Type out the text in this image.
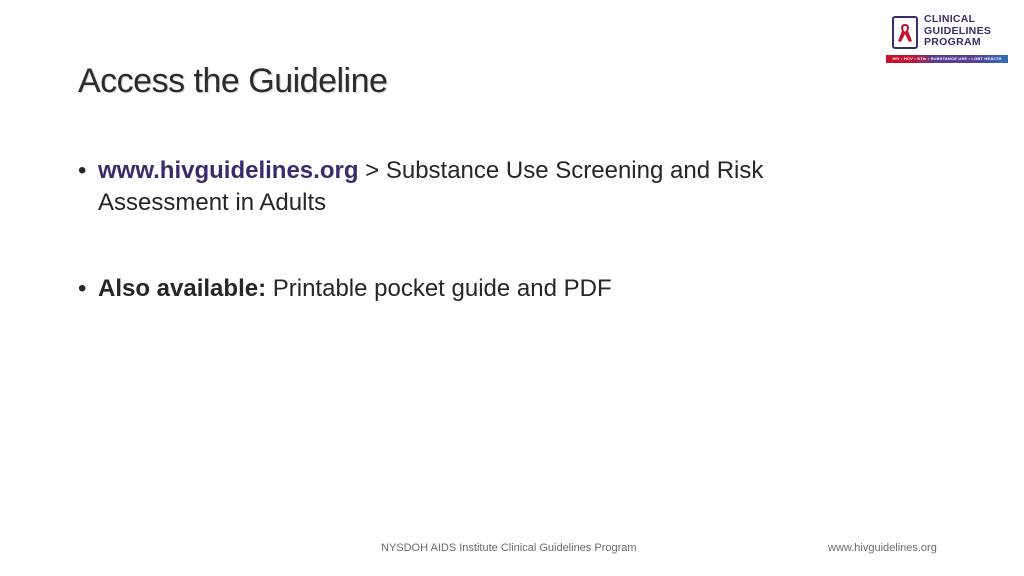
CLINICAL
GUIDELINES
PROGRAM
HIV • HCV • STIs • SUBSTANCE USE • LGBT HEALTH
Access the Guideline
• www.hivguidelines.org > Substance Use Screening and Risk Assessment in Adults
• Also available: Printable pocket guide and PDF
NYSDOH AIDS Institute Clinical Guidelines Program	www.hivguidelines.org
